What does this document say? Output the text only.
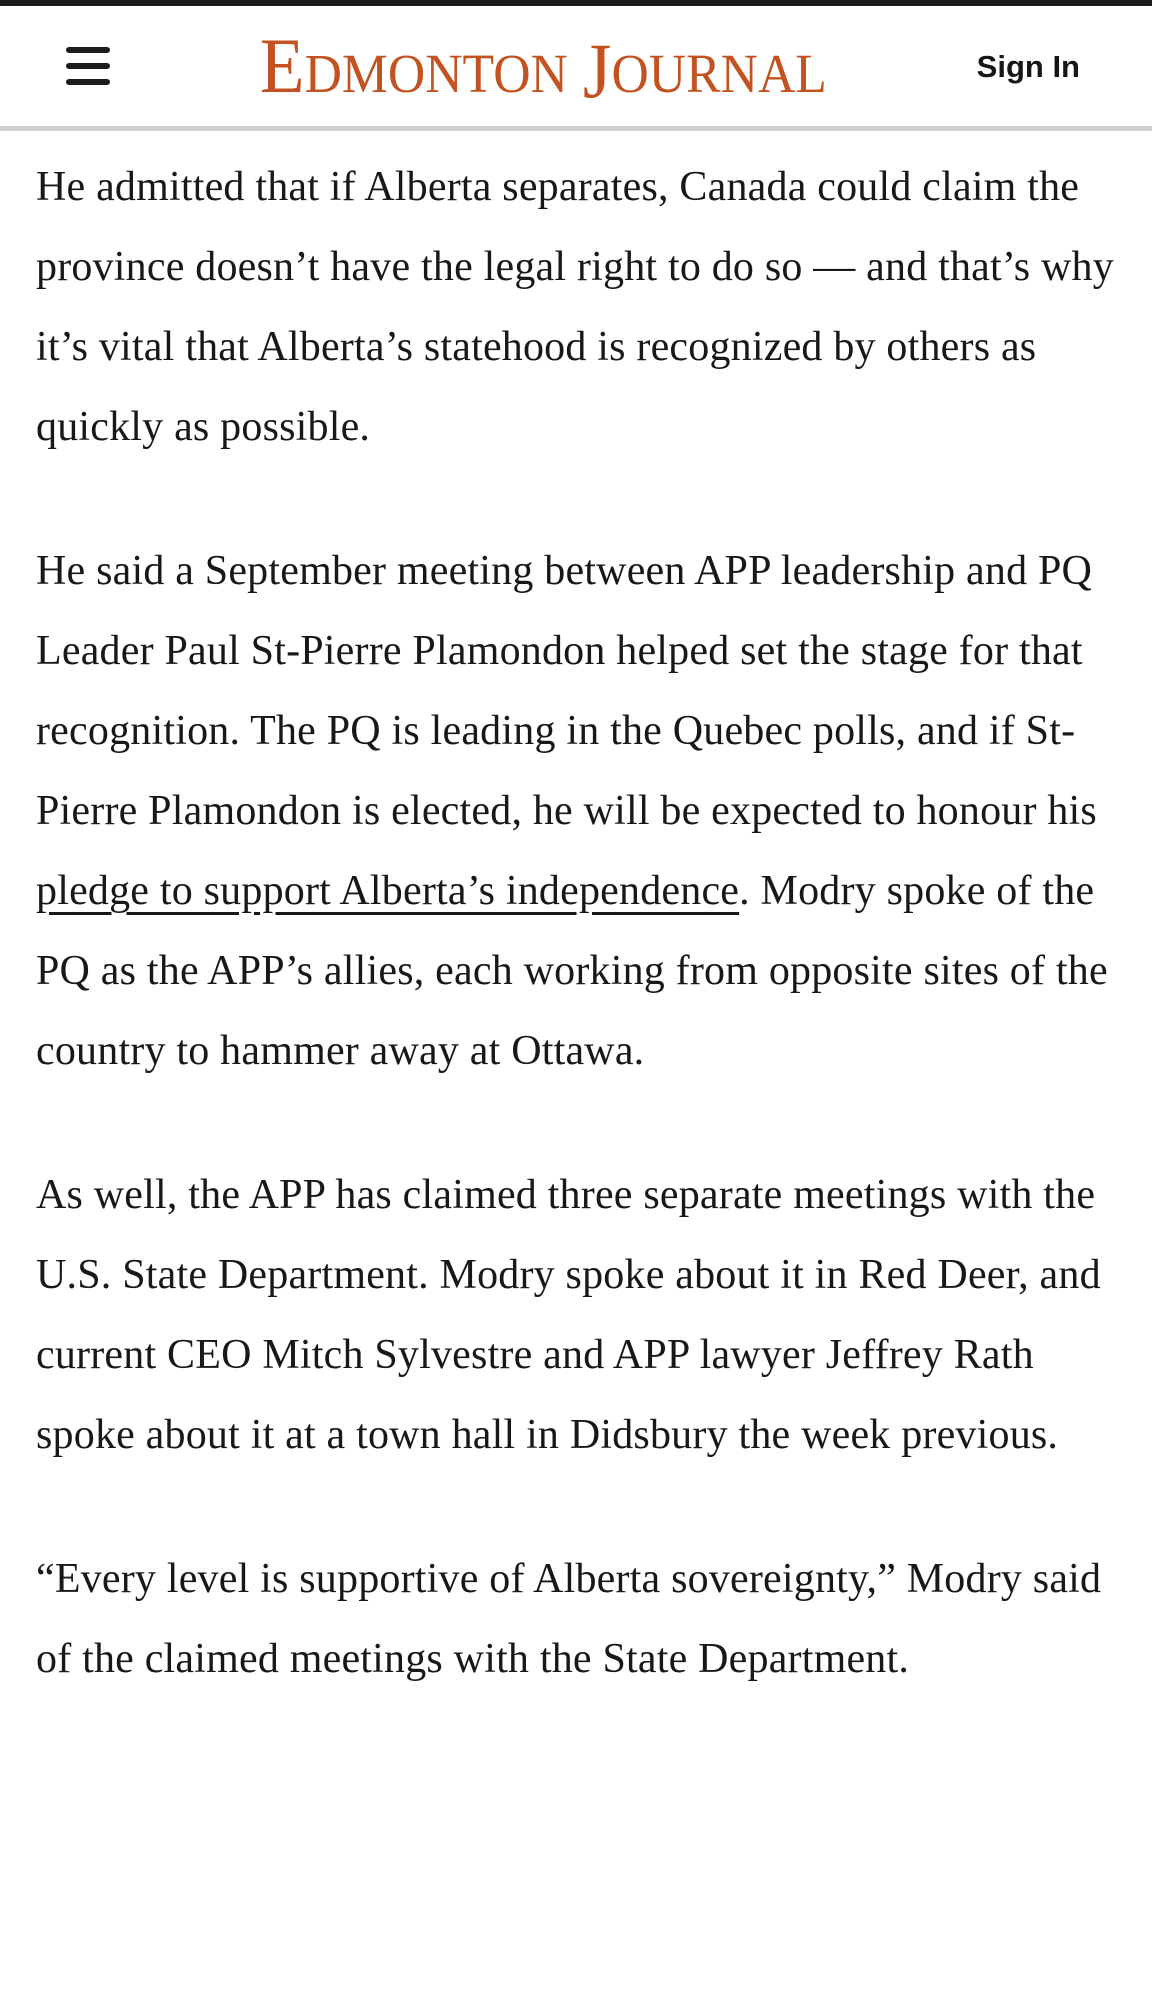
EDMONTON JOURNAL	Sign In

He admitted that if Alberta separates, Canada could claim the province doesn’t have the legal right to do so — and that’s why it’s vital that Alberta’s statehood is recognized by others as quickly as possible.

He said a September meeting between APP leadership and PQ Leader Paul St-Pierre Plamondon helped set the stage for that recognition. The PQ is leading in the Quebec polls, and if St-Pierre Plamondon is elected, he will be expected to honour his pledge to support Alberta’s independence. Modry spoke of the PQ as the APP’s allies, each working from opposite sites of the country to hammer away at Ottawa.

As well, the APP has claimed three separate meetings with the U.S. State Department. Modry spoke about it in Red Deer, and current CEO Mitch Sylvestre and APP lawyer Jeffrey Rath spoke about it at a town hall in Didsbury the week previous.

“Every level is supportive of Alberta sovereignty,” Modry said of the claimed meetings with the State Department.
